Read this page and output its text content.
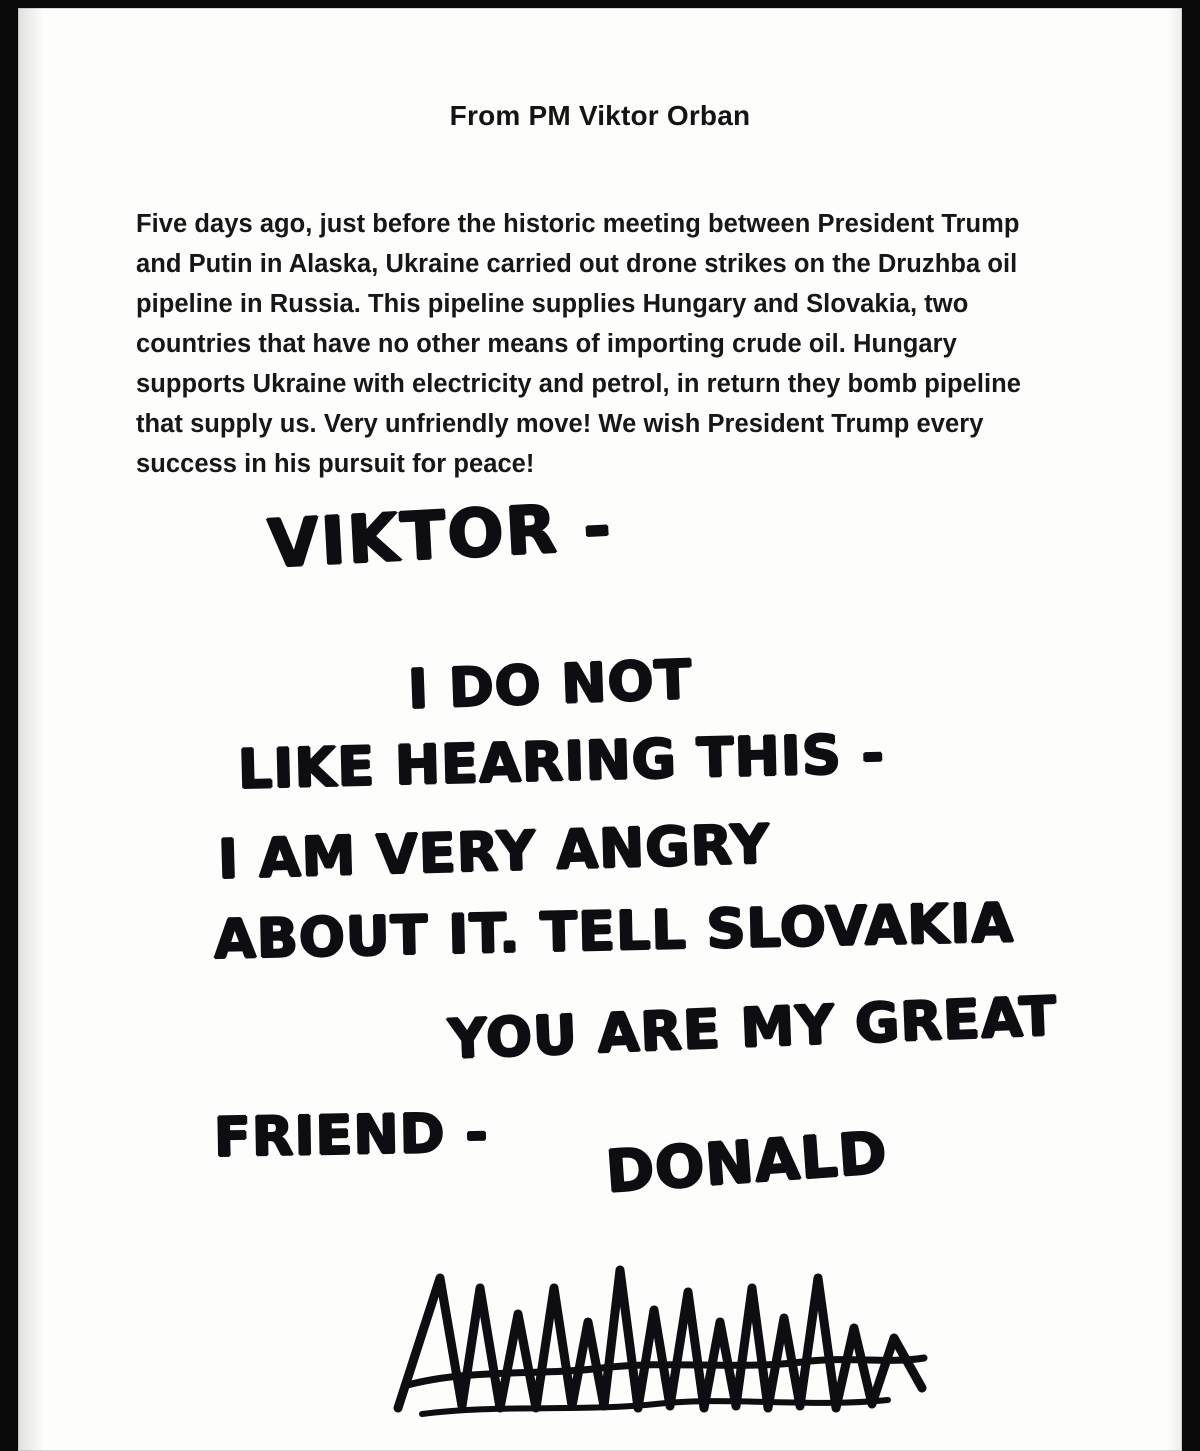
From PM Viktor Orban

Five days ago, just before the historic meeting between President Trump and Putin in Alaska, Ukraine carried out drone strikes on the Druzhba oil pipeline in Russia. This pipeline supplies Hungary and Slovakia, two countries that have no other means of importing crude oil. Hungary supports Ukraine with electricity and petrol, in return they bomb pipeline that supply us. Very unfriendly move! We wish President Trump every success in his pursuit for peace!

VIKTOR -
I DO NOT
LIKE HEARING THIS -
I AM VERY ANGRY
ABOUT IT. TELL SLOVAKIA
YOU ARE MY GREAT
FRIEND - DONALD
